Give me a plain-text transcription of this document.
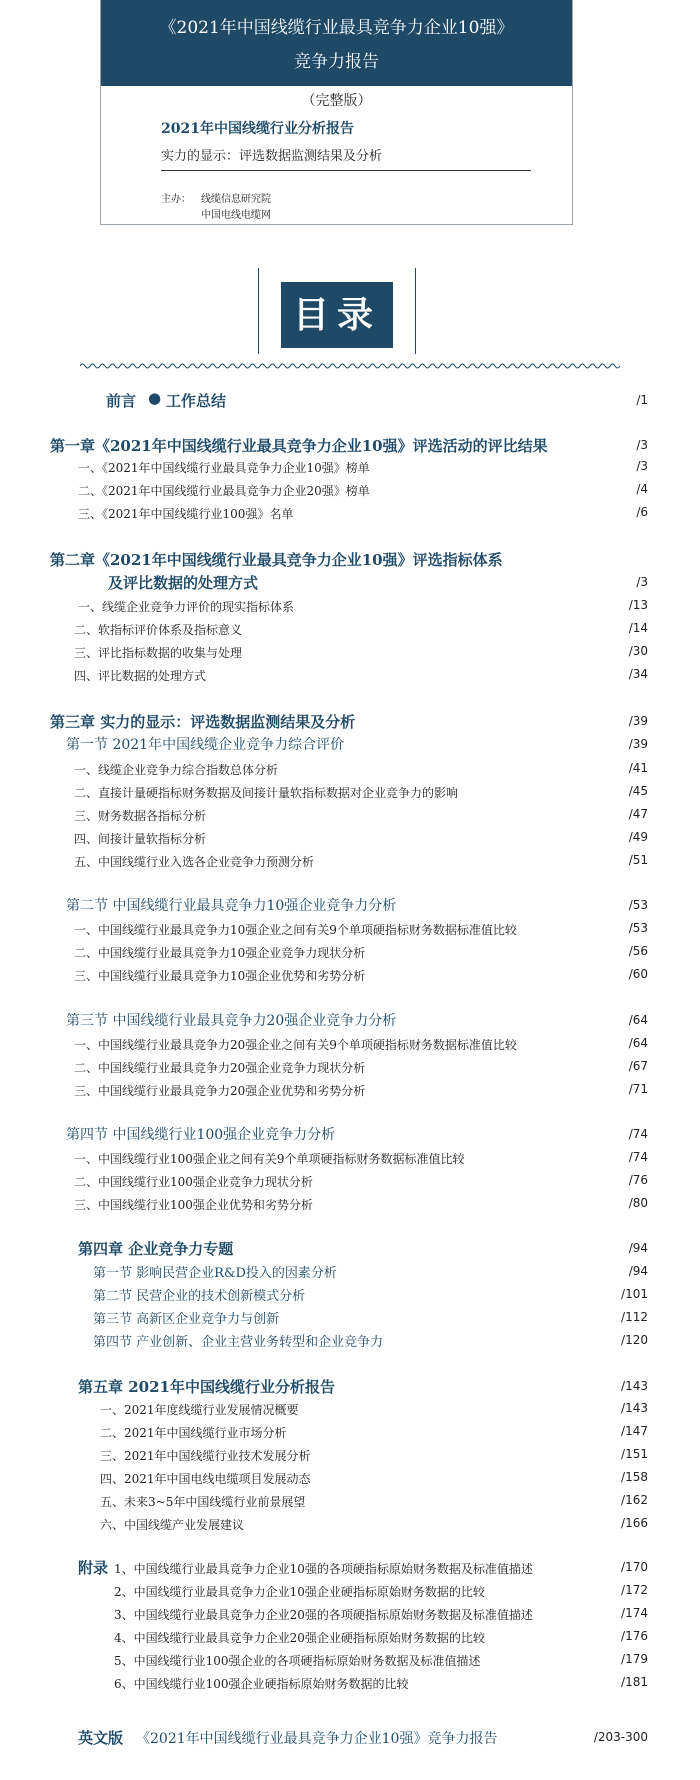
《2021年中国线缆行业最具竞争力企业10强》
竞争力报告
（完整版）
2021年中国线缆行业分析报告
实力的显示：评选数据监测结果及分析
主办： 线缆信息研究院
中国电线电缆网
目录
前言 ● 工作总结	/1
第一章《2021年中国线缆行业最具竞争力企业10强》评选活动的评比结果	/3
一、《2021年中国线缆行业最具竞争力企业10强》榜单	/3
二、《2021年中国线缆行业最具竞争力企业20强》榜单	/4
三、《2021年中国线缆行业100强》名单	/6
第二章《2021年中国线缆行业最具竞争力企业10强》评选指标体系
及评比数据的处理方式	/3
一、线缆企业竞争力评价的现实指标体系	/13
二、软指标评价体系及指标意义	/14
三、评比指标数据的收集与处理	/30
四、评比数据的处理方式	/34
第三章 实力的显示：评选数据监测结果及分析	/39
第一节 2021年中国线缆企业竞争力综合评价	/39
一、线缆企业竞争力综合指数总体分析	/41
二、直接计量硬指标财务数据及间接计量软指标数据对企业竞争力的影响	/45
三、财务数据各指标分析	/47
四、间接计量软指标分析	/49
五、中国线缆行业入选各企业竞争力预测分析	/51
第二节 中国线缆行业最具竞争力10强企业竞争力分析	/53
一、中国线缆行业最具竞争力10强企业之间有关9个单项硬指标财务数据标准值比较	/53
二、中国线缆行业最具竞争力10强企业竞争力现状分析	/56
三、中国线缆行业最具竞争力10强企业优势和劣势分析	/60
第三节 中国线缆行业最具竞争力20强企业竞争力分析	/64
一、中国线缆行业最具竞争力20强企业之间有关9个单项硬指标财务数据标准值比较	/64
二、中国线缆行业最具竞争力20强企业竞争力现状分析	/67
三、中国线缆行业最具竞争力20强企业优势和劣势分析	/71
第四节 中国线缆行业100强企业竞争力分析	/74
一、中国线缆行业100强企业之间有关9个单项硬指标财务数据标准值比较	/74
二、中国线缆行业100强企业竞争力现状分析	/76
三、中国线缆行业100强企业优势和劣势分析	/80
第四章 企业竞争力专题	/94
第一节 影响民营企业R&D投入的因素分析	/94
第二节 民营企业的技术创新模式分析	/101
第三节 高新区企业竞争力与创新	/112
第四节 产业创新、企业主营业务转型和企业竞争力	/120
第五章 2021年中国线缆行业分析报告	/143
一、2021年度线缆行业发展情况概要	/143
二、2021年中国线缆行业市场分析	/147
三、2021年中国线缆行业技术发展分析	/151
四、2021年中国电线电缆项目发展动态	/158
五、未来3~5年中国线缆行业前景展望	/162
六、中国线缆产业发展建议	/166
附录 1、中国线缆行业最具竞争力企业10强的各项硬指标原始财务数据及标准值描述	/170
2、中国线缆行业最具竞争力企业10强企业硬指标原始财务数据的比较	/172
3、中国线缆行业最具竞争力企业20强的各项硬指标原始财务数据及标准值描述	/174
4、中国线缆行业最具竞争力企业20强企业硬指标原始财务数据的比较	/176
5、中国线缆行业100强企业的各项硬指标原始财务数据及标准值描述	/179
6、中国线缆行业100强企业硬指标原始财务数据的比较	/181
英文版 《2021年中国线缆行业最具竞争力企业10强》竞争力报告	/203-300
